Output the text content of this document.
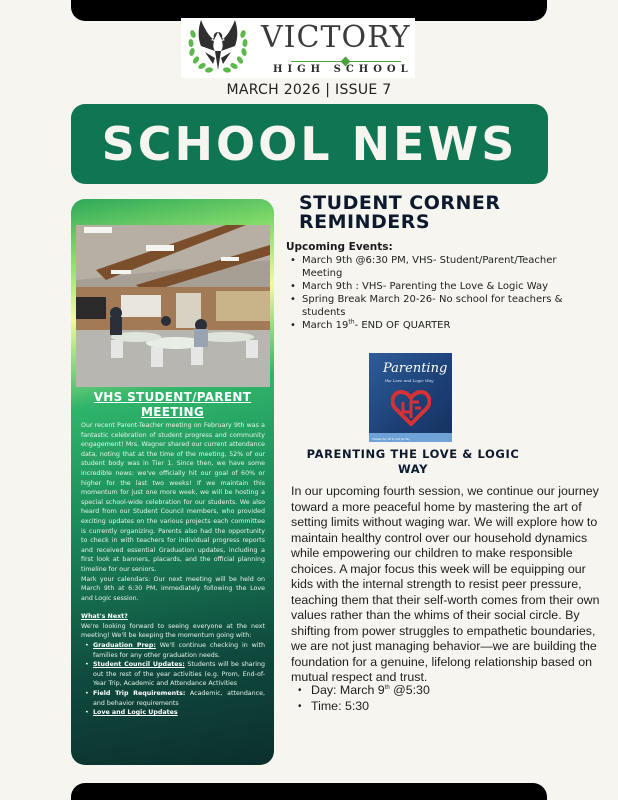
VICTORY
HIGH SCHOOL
MARCH 2026 | ISSUE 7
SCHOOL NEWS
VHS STUDENT/PARENT MEETING

Our recent Parent-Teacher meeting on February 9th was a fantastic celebration of student progress and community engagement! Mrs. Wagner shared our current attendance data, noting that at the time of the meeting, 52% of our student body was in Tier 1. Since then, we have some incredible news: we've officially hit our goal of 60% or higher for the last two weeks! If we maintain this momentum for just one more week, we will be hosting a special school-wide celebration for our students. We also heard from our Student Council members, who provided exciting updates on the various projects each committee is currently organizing. Parents also had the opportunity to check in with teachers for individual progress reports and received essential Graduation updates, including a first look at banners, placards, and the official planning timeline for our seniors.

Mark your calendars: Our next meeting will be held on March 9th at 6:30 PM, immediately following the Love and Logic session.

What's Next?

We're looking forward to seeing everyone at the next meeting! We'll be keeping the momentum going with:

• Graduation Prep: We'll continue checking in with families for any other graduation needs.
• Student Council Updates: Students will be sharing out the rest of the year activities (e.g. Prom, End-of-Year Trip, Academic and Attendance Activities
• Field Trip Requirements: Academic, attendance, and behavior requirements
• Love and Logic Updates
STUDENT CORNER
REMINDERS
Upcoming Events:
• March 9th @6:30 PM, VHS- Student/Parent/Teacher Meeting
• March 9th : VHS- Parenting the Love & Logic Way
• Spring Break March 20-26- No school for teachers & students
• March 19th- END OF QUARTER
Parenting
the Love and Logic Way
Charles Fay, Ph.D. and Jim Fay
PARENTING THE LOVE & LOGIC WAY
In our upcoming fourth session, we continue our journey toward a more peaceful home by mastering the art of setting limits without waging war. We will explore how to maintain healthy control over our household dynamics while empowering our children to make responsible choices. A major focus this week will be equipping our kids with the internal strength to resist peer pressure, teaching them that their self-worth comes from their own values rather than the whims of their social circle. By shifting from power struggles to empathetic boundaries, we are not just managing behavior—we are building the foundation for a genuine, lifelong relationship based on mutual respect and trust.
• Day: March 9th @5:30
• Time: 5:30
